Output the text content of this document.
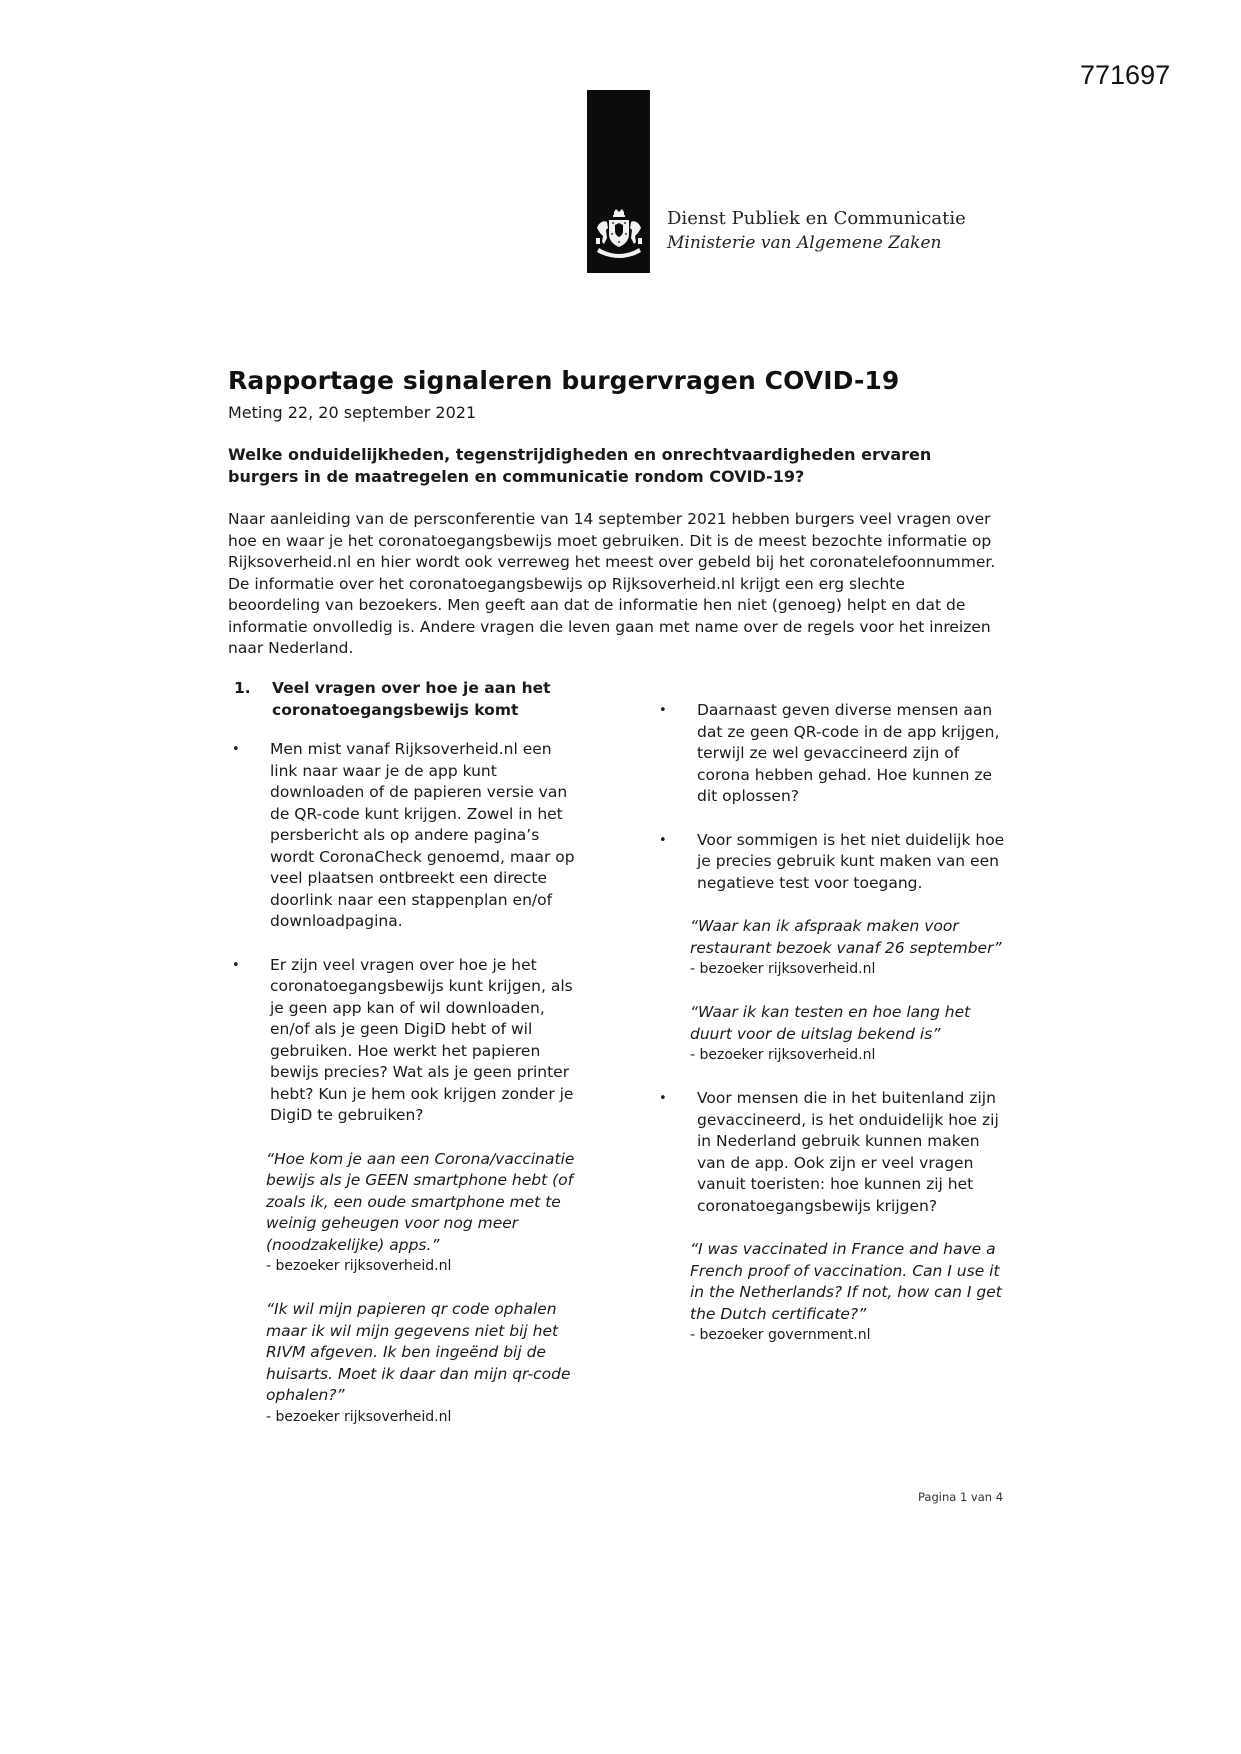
771697
Dienst Publiek en Communicatie
Ministerie van Algemene Zaken
Rapportage signaleren burgervragen COVID-19
Meting 22, 20 september 2021
Welke onduidelijkheden, tegenstrijdigheden en onrechtvaardigheden ervaren burgers in de maatregelen en communicatie rondom COVID-19?
Naar aanleiding van de persconferentie van 14 september 2021 hebben burgers veel vragen over hoe en waar je het coronatoegangsbewijs moet gebruiken. Dit is de meest bezochte informatie op Rijksoverheid.nl en hier wordt ook verreweg het meest over gebeld bij het coronatelefoonnummer. De informatie over het coronatoegangsbewijs op Rijksoverheid.nl krijgt een erg slechte beoordeling van bezoekers. Men geeft aan dat de informatie hen niet (genoeg) helpt en dat de informatie onvolledig is. Andere vragen die leven gaan met name over de regels voor het inreizen naar Nederland.
1.	Veel vragen over hoe je aan het coronatoegangsbewijs komt
•	Men mist vanaf Rijksoverheid.nl een link naar waar je de app kunt downloaden of de papieren versie van de QR-code kunt krijgen. Zowel in het persbericht als op andere pagina’s wordt CoronaCheck genoemd, maar op veel plaatsen ontbreekt een directe doorlink naar een stappenplan en/of downloadpagina.
•	Er zijn veel vragen over hoe je het coronatoegangsbewijs kunt krijgen, als je geen app kan of wil downloaden, en/of als je geen DigiD hebt of wil gebruiken. Hoe werkt het papieren bewijs precies? Wat als je geen printer hebt? Kun je hem ook krijgen zonder je DigiD te gebruiken?
“Hoe kom je aan een Corona/vaccinatie bewijs als je GEEN smartphone hebt (of zoals ik, een oude smartphone met te weinig geheugen voor nog meer (noodzakelijke) apps.”
- bezoeker rijksoverheid.nl
“Ik wil mijn papieren qr code ophalen maar ik wil mijn gegevens niet bij het RIVM afgeven. Ik ben ingeënd bij de huisarts. Moet ik daar dan mijn qr-code ophalen?”
- bezoeker rijksoverheid.nl
•	Daarnaast geven diverse mensen aan dat ze geen QR-code in de app krijgen, terwijl ze wel gevaccineerd zijn of corona hebben gehad. Hoe kunnen ze dit oplossen?
•	Voor sommigen is het niet duidelijk hoe je precies gebruik kunt maken van een negatieve test voor toegang.
“Waar kan ik afspraak maken voor restaurant bezoek vanaf 26 september”
- bezoeker rijksoverheid.nl
“Waar ik kan testen en hoe lang het duurt voor de uitslag bekend is”
- bezoeker rijksoverheid.nl
•	Voor mensen die in het buitenland zijn gevaccineerd, is het onduidelijk hoe zij in Nederland gebruik kunnen maken van de app. Ook zijn er veel vragen vanuit toeristen: hoe kunnen zij het coronatoegangsbewijs krijgen?
“I was vaccinated in France and have a French proof of vaccination. Can I use it in the Netherlands? If not, how can I get the Dutch certificate?”
- bezoeker government.nl
Pagina 1 van 4
